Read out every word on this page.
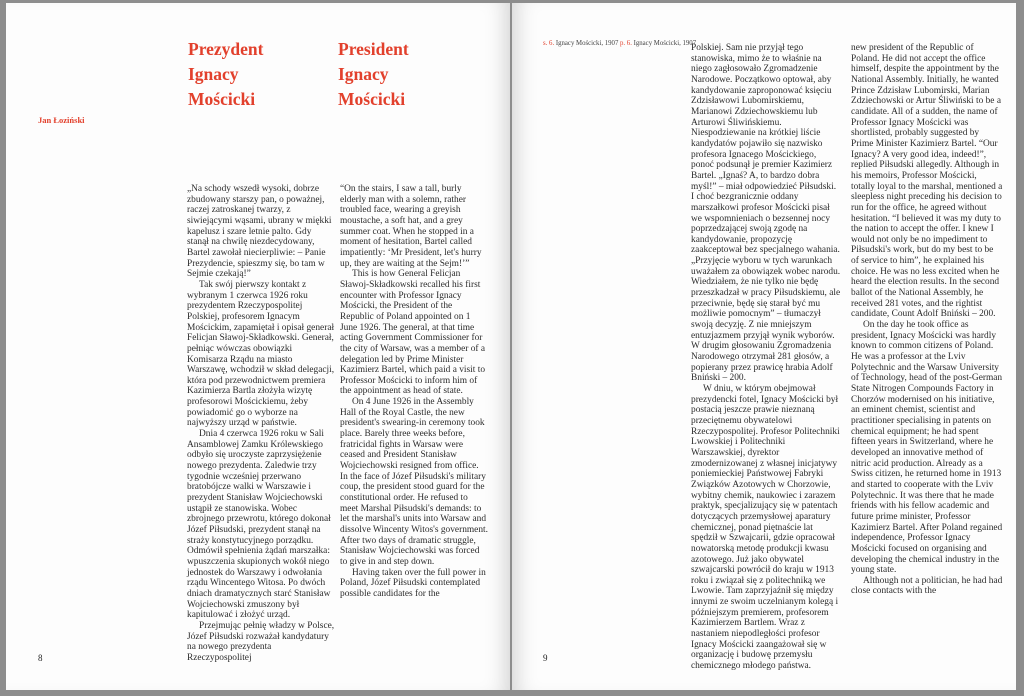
Prezydent
Ignacy
Mościcki
President
Ignacy
Mościcki
Jan Łoziński

„Na schody wszedł wysoki, dobrze zbudowany starszy pan, o poważnej, raczej zatroskanej twarzy, z siwiejącymi wąsami, ubrany w miękki kapelusz i szare letnie palto. Gdy stanął na chwilę niezdecydowany, Bartel zawołał niecierpliwie: – Panie Prezydencie, spieszmy się, bo tam w Sejmie czekają!”

Tak swój pierwszy kontakt z wybranym 1 czerwca 1926 roku prezydentem Rzeczypospolitej Polskiej, profesorem Ignacym Mościckim, zapamiętał i opisał generał Felicjan Sławoj-Składkowski. Generał, pełniąc wówczas obowiązki Komisarza Rządu na miasto Warszawę, wchodził w skład delegacji, która pod przewodnictwem premiera Kazimierza Bartla złożyła wizytę profesorowi Mościckiemu, żeby powiadomić go o wyborze na najwyższy urząd w państwie.

Dnia 4 czerwca 1926 roku w Sali Ansamblowej Zamku Królewskiego odbyło się uroczyste zaprzysiężenie nowego prezydenta. Zaledwie trzy tygodnie wcześniej przerwano bratobójcze walki w Warszawie i prezydent Stanisław Wojciechowski ustąpił ze stanowiska. Wobec zbrojnego przewrotu, którego dokonał Józef Piłsudski, prezydent stanął na straży konstytucyjnego porządku. Odmówił spełnienia żądań marszałka: wpuszczenia skupionych wokół niego jednostek do Warszawy i odwołania rządu Wincentego Witosa. Po dwóch dniach dramatycznych starć Stanisław Wojciechowski zmuszony był kapitulować i złożyć urząd.

Przejmując pełnię władzy w Polsce, Józef Piłsudski rozważał kandydatury na nowego prezydenta Rzeczypospolitej

“On the stairs, I saw a tall, burly elderly man with a solemn, rather troubled face, wearing a greyish moustache, a soft hat, and a grey summer coat. When he stopped in a moment of hesitation, Bartel called impatiently: ‘Mr President, let's hurry up, they are waiting at the Sejm!’”

This is how General Felicjan Sławoj-Składkowski recalled his first encounter with Professor Ignacy Mościcki, the President of the Republic of Poland appointed on 1 June 1926. The general, at that time acting Government Commissioner for the city of Warsaw, was a member of a delegation led by Prime Minister Kazimierz Bartel, which paid a visit to Professor Mościcki to inform him of the appointment as head of state.

On 4 June 1926 in the Assembly Hall of the Royal Castle, the new president's swearing-in ceremony took place. Barely three weeks before, fratricidal fights in Warsaw were ceased and President Stanisław Wojciechowski resigned from office. In the face of Józef Piłsudski's military coup, the president stood guard for the constitutional order. He refused to meet Marshal Piłsudski's demands: to let the marshal's units into Warsaw and dissolve Wincenty Witos's government. After two days of dramatic struggle, Stanisław Wojciechowski was forced to give in and step down.

Having taken over the full power in Poland, Józef Piłsudski contemplated possible candidates for the

8
s. 6. Ignacy Mościcki, 1907 p. 6. Ignacy Mościcki, 1907

Polskiej. Sam nie przyjął tego stanowiska, mimo że to właśnie na niego zagłosowało Zgromadzenie Narodowe. Początkowo optował, aby kandydowanie zaproponować księciu Zdzisławowi Lubomirskiemu, Marianowi Zdziechowskiemu lub Arturowi Śliwińskiemu. Niespodziewanie na krótkiej liście kandydatów pojawiło się nazwisko profesora Ignacego Mościckiego, ponoć podsunął je premier Kazimierz Bartel. „Ignaś? A, to bardzo dobra myśl!” – miał odpowiedzieć Piłsudski. I choć bezgranicznie oddany marszałkowi profesor Mościcki pisał we wspomnieniach o bezsennej nocy poprzedzającej swoją zgodę na kandydowanie, propozycję zaakceptował bez specjalnego wahania. „Przyjęcie wyboru w tych warunkach uważałem za obowiązek wobec narodu. Wiedziałem, że nie tylko nie będę przeszkadzał w pracy Piłsudskiemu, ale przeciwnie, będę się starał być mu możliwie pomocnym” – tłumaczył swoją decyzję. Z nie mniejszym entuzjazmem przyjął wynik wyborów. W drugim głosowaniu Zgromadzenia Narodowego otrzymał 281 głosów, a popierany przez prawicę hrabia Adolf Bniński – 200.

W dniu, w którym obejmował prezydencki fotel, Ignacy Mościcki był postacią jeszcze prawie nieznaną przeciętnemu obywatelowi Rzeczypospolitej. Profesor Politechniki Lwowskiej i Politechniki Warszawskiej, dyrektor zmodernizowanej z własnej inicjatywy poniemieckiej Państwowej Fabryki Związków Azotowych w Chorzowie, wybitny chemik, naukowiec i zarazem praktyk, specjalizujący się w patentach dotyczących przemysłowej aparatury chemicznej, ponad piętnaście lat spędził w Szwajcarii, gdzie opracował nowatorską metodę produkcji kwasu azotowego. Już jako obywatel szwajcarski powrócił do kraju w 1913 roku i związał się z politechniką we Lwowie. Tam zaprzyjaźnił się między innymi ze swoim uczelnianym kolegą i późniejszym premierem, profesorem Kazimierzem Bartlem. Wraz z nastaniem niepodległości profesor Ignacy Mościcki zaangażował się w organizację i budowę przemysłu chemicznego młodego państwa.

new president of the Republic of Poland. He did not accept the office himself, despite the appointment by the National Assembly. Initially, he wanted Prince Zdzisław Lubomirski, Marian Zdziechowski or Artur Śliwiński to be a candidate. All of a sudden, the name of Professor Ignacy Mościcki was shortlisted, probably suggested by Prime Minister Kazimierz Bartel. “Our Ignacy? A very good idea, indeed!”, replied Piłsudski allegedly. Although in his memoirs, Professor Mościcki, totally loyal to the marshal, mentioned a sleepless night preceding his decision to run for the office, he agreed without hesitation. “I believed it was my duty to the nation to accept the offer. I knew I would not only be no impediment to Piłsudski's work, but do my best to be of service to him”, he explained his choice. He was no less excited when he heard the election results. In the second ballot of the National Assembly, he received 281 votes, and the rightist candidate, Count Adolf Bniński – 200.

On the day he took office as president, Ignacy Mościcki was hardly known to common citizens of Poland. He was a professor at the Lviv Polytechnic and the Warsaw University of Technology, head of the post-German State Nitrogen Compounds Factory in Chorzów modernised on his initiative, an eminent chemist, scientist and practitioner specialising in patents on chemical equipment; he had spent fifteen years in Switzerland, where he developed an innovative method of nitric acid production. Already as a Swiss citizen, he returned home in 1913 and started to cooperate with the Lviv Polytechnic. It was there that he made friends with his fellow academic and future prime minister, Professor Kazimierz Bartel. After Poland regained independence, Professor Ignacy Mościcki focused on organising and developing the chemical industry in the young state.

Although not a politician, he had had close contacts with the

9
